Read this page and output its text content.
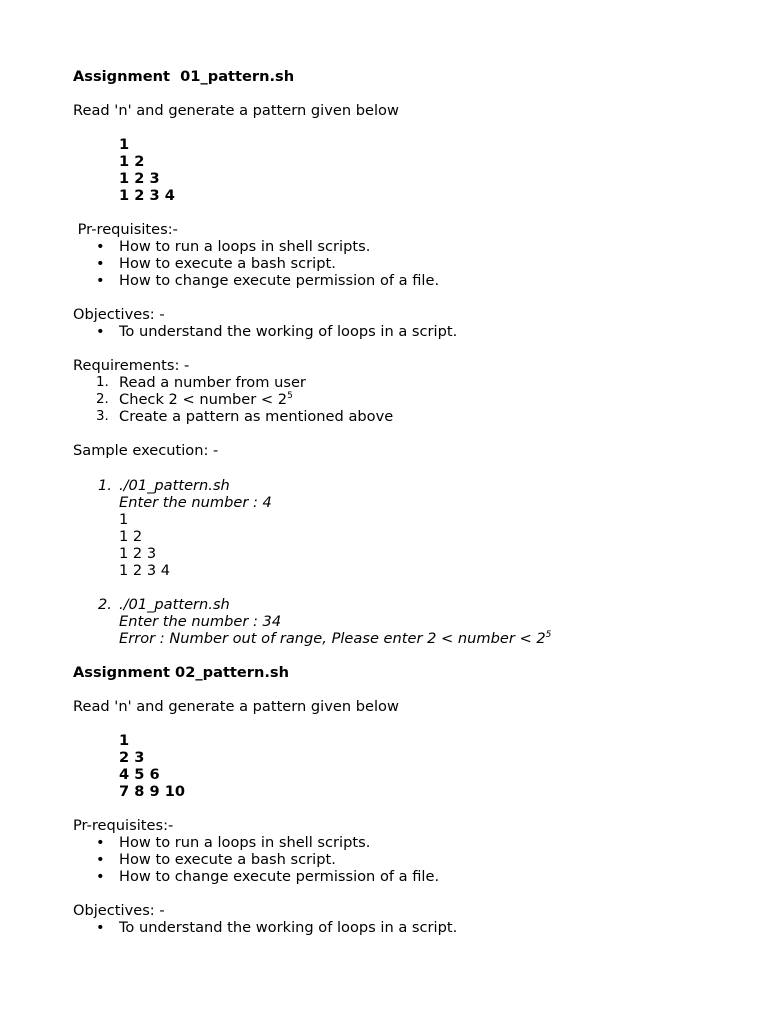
Assignment  01_pattern.sh
Read 'n' and generate a pattern given below
1
1 2
1 2 3
1 2 3 4
Pr-requisites:-
• How to run a loops in shell scripts.
• How to execute a bash script.
• How to change execute permission of a file.
Objectives: -
• To understand the working of loops in a script.
Requirements: -
1. Read a number from user
2. Check 2 < number < $2^5$
3. Create a pattern as mentioned above
Sample execution: -
1. ./01_pattern.sh
Enter the number : 4
1
1 2
1 2 3
1 2 3 4
2. ./01_pattern.sh
Enter the number : 34
Error : Number out of range, Please enter 2 < number < $2^5$
Assignment 02_pattern.sh
Read 'n' and generate a pattern given below
1
2 3
4 5 6
7 8 9 10
Pr-requisites:-
• How to run a loops in shell scripts.
• How to execute a bash script.
• How to change execute permission of a file.
Objectives: -
• To understand the working of loops in a script.
